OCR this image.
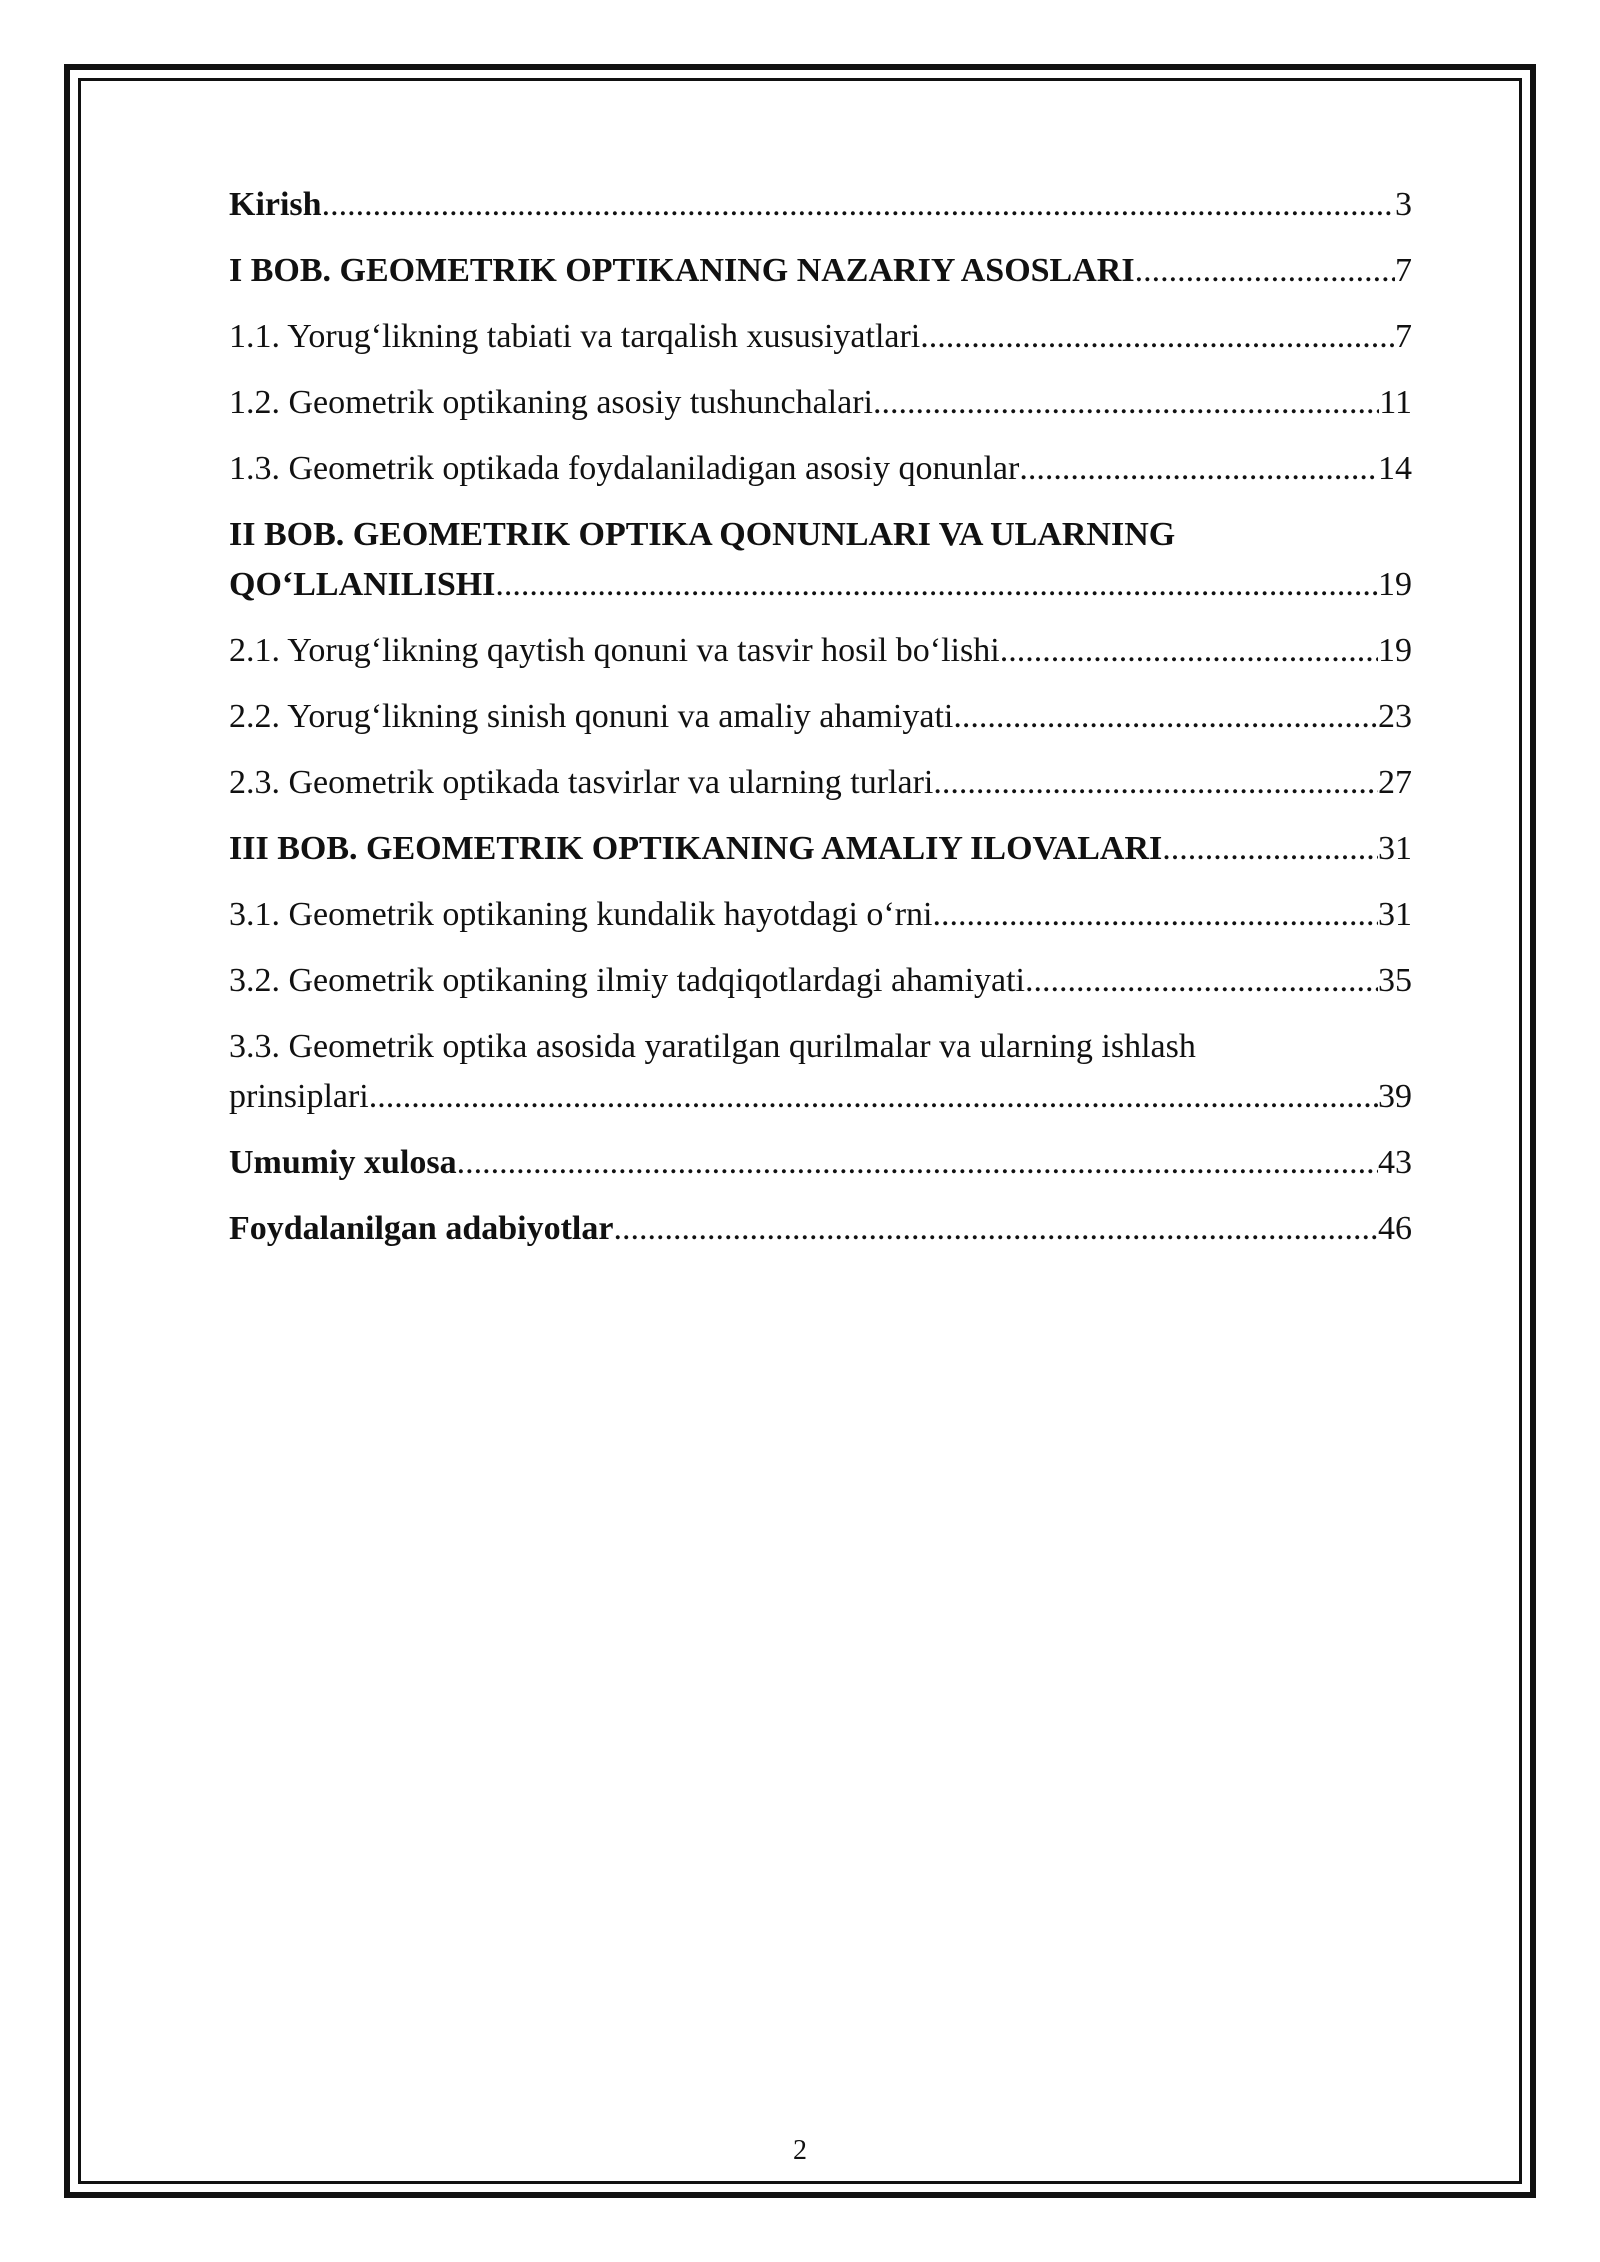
Kirish .....	3
I BOB. GEOMETRIK OPTIKANING NAZARIY ASOSLARI .....	7
1.1. Yorug‘likning tabiati va tarqalish xususiyatlari .....	7
1.2. Geometrik optikaning asosiy tushunchalari .....	11
1.3. Geometrik optikada foydalaniladigan asosiy qonunlar .....	14
II BOB. GEOMETRIK OPTIKA QONUNLARI VA ULARNING
QO‘LLANILISHI .....	19
2.1. Yorug‘likning qaytish qonuni va tasvir hosil bo‘lishi .....	19
2.2. Yorug‘likning sinish qonuni va amaliy ahamiyati .....	23
2.3. Geometrik optikada tasvirlar va ularning turlari .....	27
III BOB. GEOMETRIK OPTIKANING AMALIY ILOVALARI .....	31
3.1. Geometrik optikaning kundalik hayotdagi o‘rni .....	31
3.2. Geometrik optikaning ilmiy tadqiqotlardagi ahamiyati .....	35
3.3. Geometrik optika asosida yaratilgan qurilmalar va ularning ishlash
prinsiplari .....	39
Umumiy xulosa .....	43
Foydalanilgan adabiyotlar .....	46
2
